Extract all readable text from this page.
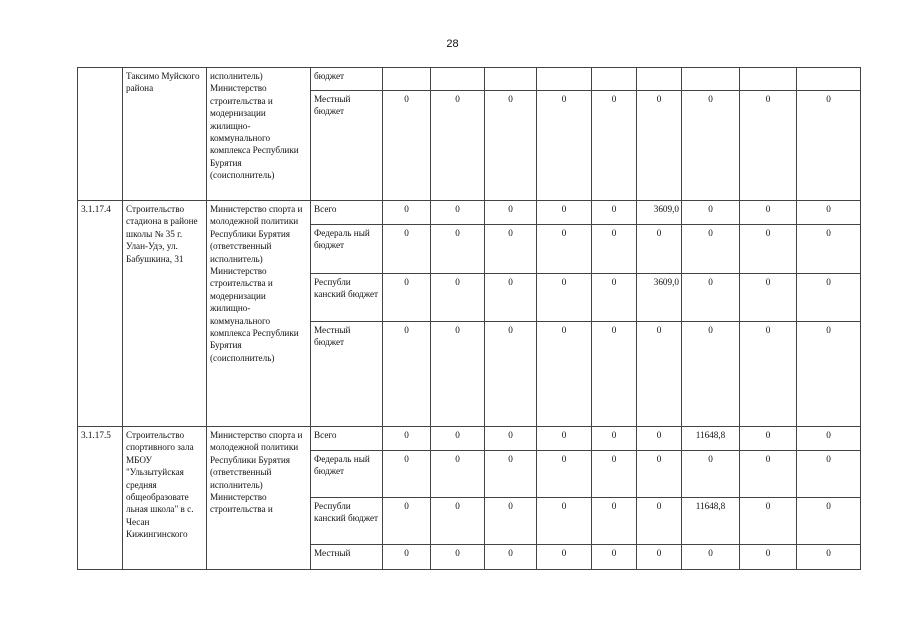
28
	Таксимо Муйского района	исполнитель) Министерство строительства и модернизации жилищно-коммунального комплекса Республики Бурятия (соисполнитель)	бюджет									
			Местный бюджет	0	0	0	0	0	0	0	0	0
3.1.17.4	Строительство стадиона в районе школы № 35 г. Улан-Удэ, ул. Бабушкина, 31	Министерство спорта и молодежной политики Республики Бурятия (ответственный исполнитель) Министерство строительства и модернизации жилищно-коммунального комплекса Республики Бурятия (соисполнитель)	Всего	0	0	0	0	0	3609,0	0	0	0
			Федераль ный бюджет	0	0	0	0	0	0	0	0	0
			Республи канский бюджет	0	0	0	0	0	3609,0	0	0	0
			Местный бюджет	0	0	0	0	0	0	0	0	0
3.1.17.5	Строительство спортивного зала МБОУ "Ульзытуйская средняя общеобразовате льная школа" в с. Чесан Кижингинского	Министерство спорта и молодежной политики Республики Бурятия (ответственный исполнитель) Министерство строительства и	Всего	0	0	0	0	0	0	11648,8	0	0
			Федераль ный бюджет	0	0	0	0	0	0	0	0	0
			Республи канский бюджет	0	0	0	0	0	0	11648,8	0	0
			Местный	0	0	0	0	0	0	0	0	0
